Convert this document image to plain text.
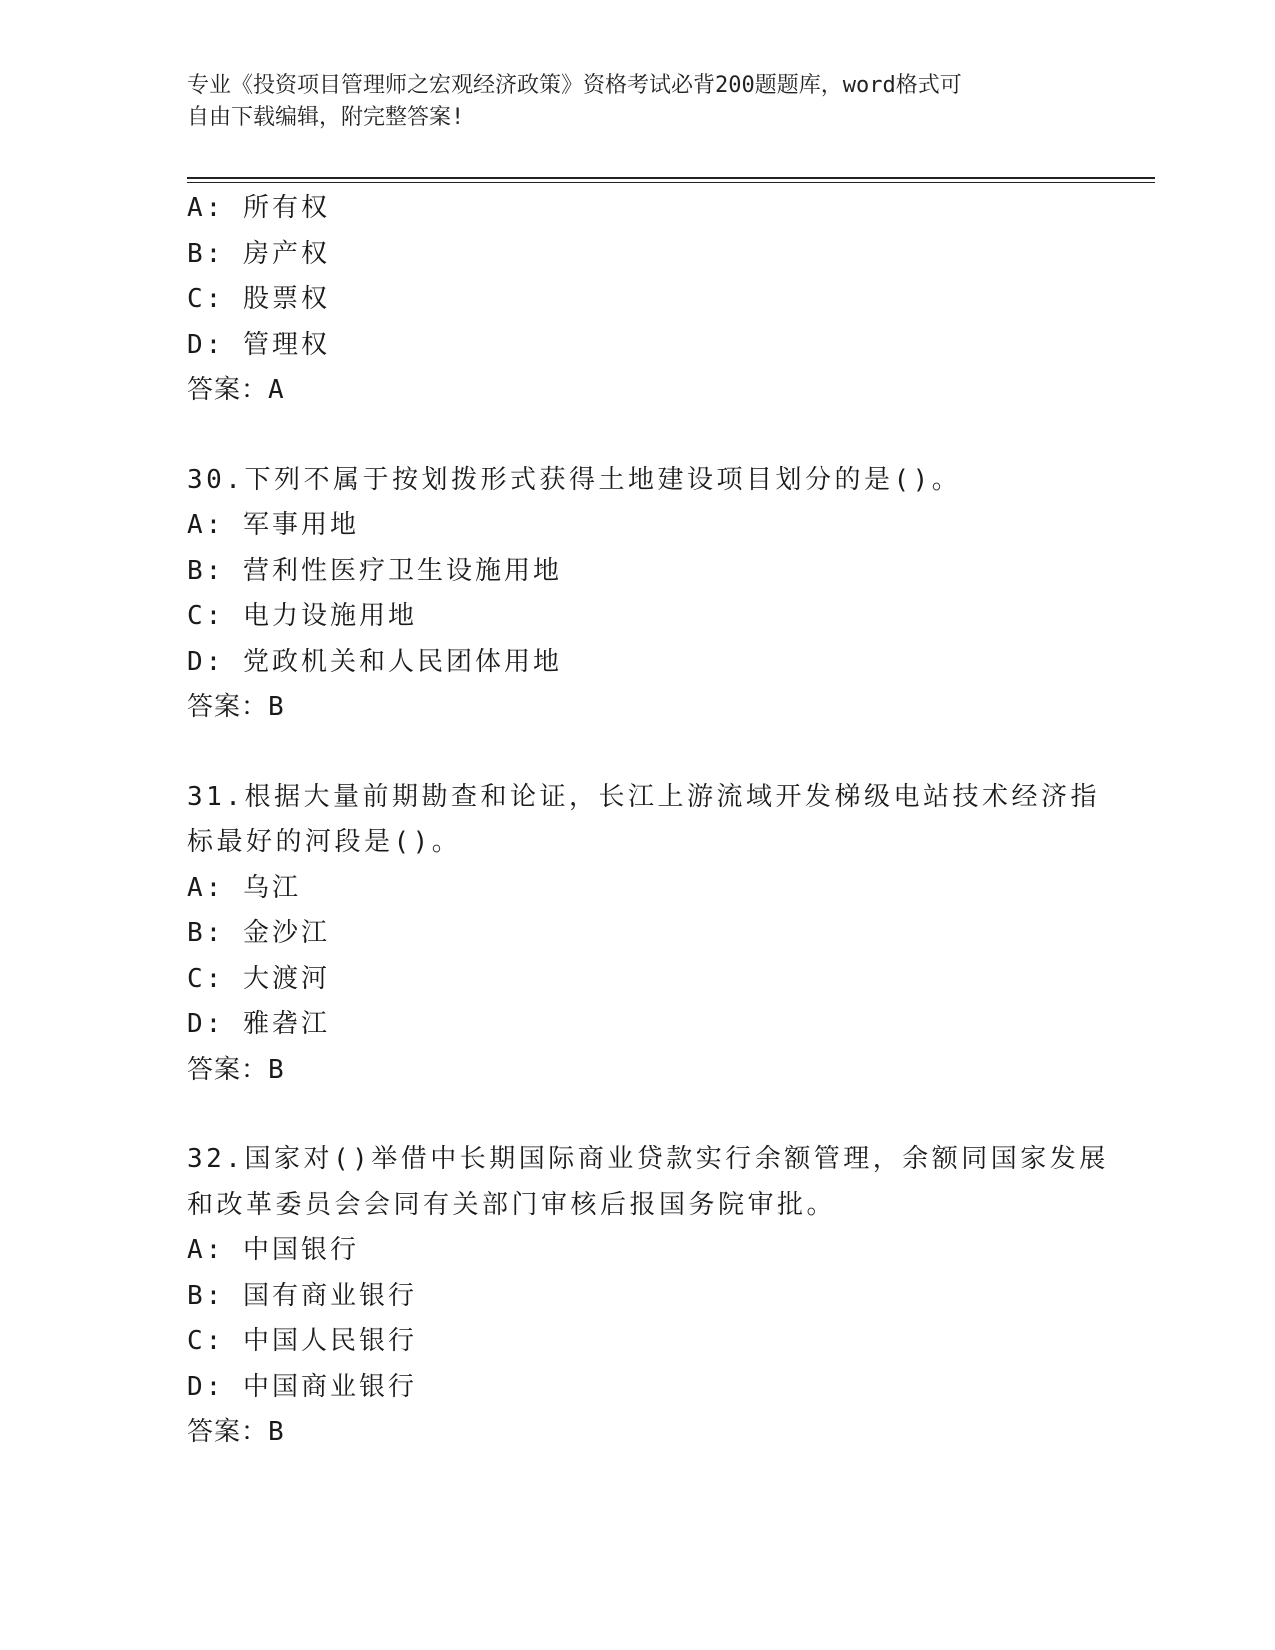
专业《投资项目管理师之宏观经济政策》资格考试必背200题题库，word格式可
自由下载编辑，附完整答案!
A: 所有权
B: 房产权
C: 股票权
D: 管理权
答案：A
30.下列不属于按划拨形式获得土地建设项目划分的是()。
A: 军事用地
B: 营利性医疗卫生设施用地
C: 电力设施用地
D: 党政机关和人民团体用地
答案：B
31.根据大量前期勘查和论证，长江上游流域开发梯级电站技术经济指
标最好的河段是()。
A: 乌江
B: 金沙江
C: 大渡河
D: 雅砻江
答案：B
32.国家对()举借中长期国际商业贷款实行余额管理，余额同国家发展
和改革委员会会同有关部门审核后报国务院审批。
A: 中国银行
B: 国有商业银行
C: 中国人民银行
D: 中国商业银行
答案：B
